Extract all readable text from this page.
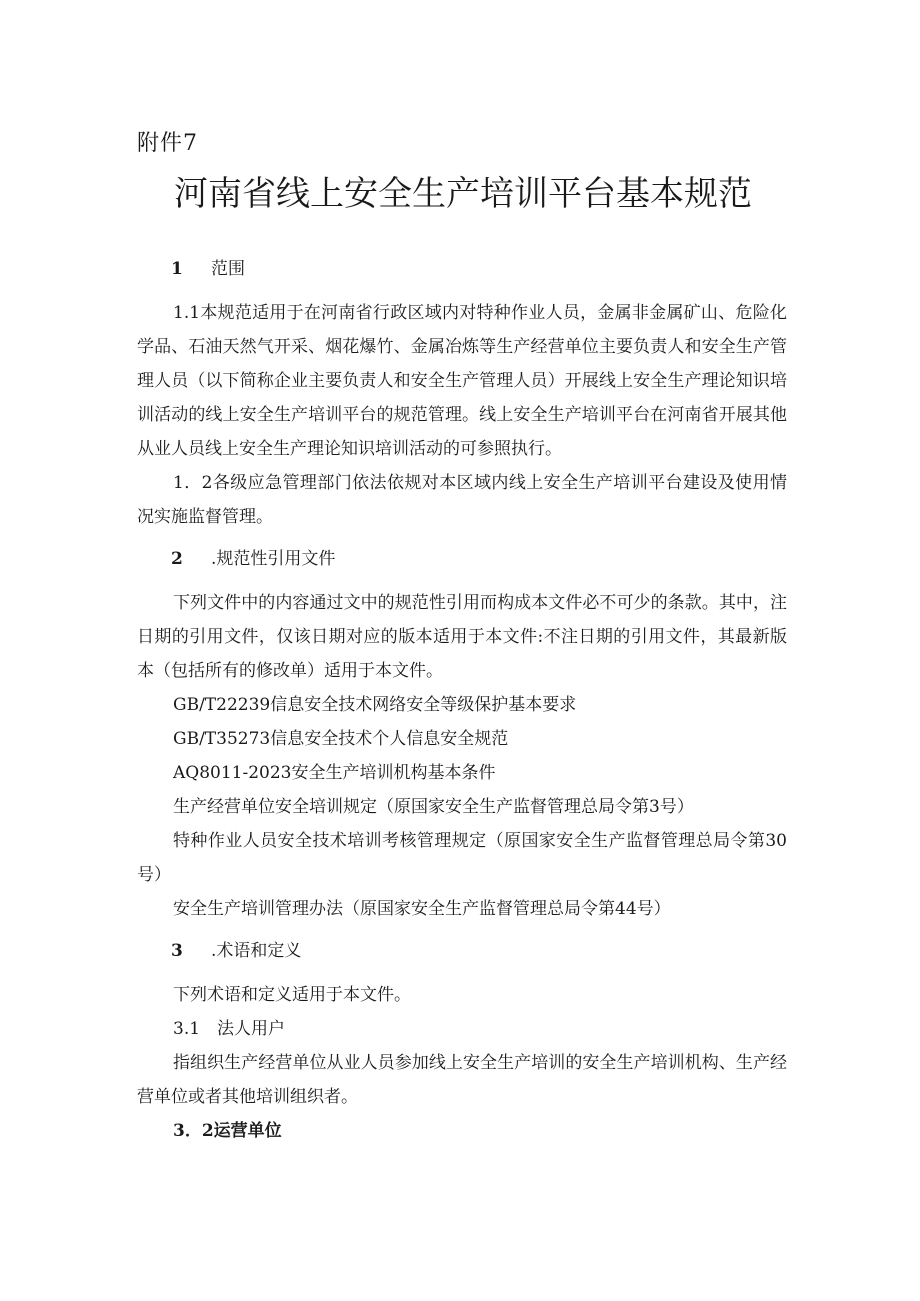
附件7
河南省线上安全生产培训平台基本规范

1 范围

1.1本规范适用于在河南省行政区域内对特种作业人员，金属非金属矿山、危险化学品、石油天然气开采、烟花爆竹、金属冶炼等生产经营单位主要负责人和安全生产管理人员（以下简称企业主要负责人和安全生产管理人员）开展线上安全生产理论知识培训活动的线上安全生产培训平台的规范管理。线上安全生产培训平台在河南省开展其他从业人员线上安全生产理论知识培训活动的可参照执行。

1．2各级应急管理部门依法依规对本区域内线上安全生产培训平台建设及使用情况实施监督管理。

2 .规范性引用文件

下列文件中的内容通过文中的规范性引用而构成本文件必不可少的条款。其中，注日期的引用文件，仅该日期对应的版本适用于本文件:不注日期的引用文件，其最新版本（包括所有的修改单）适用于本文件。

GB/T22239信息安全技术网络安全等级保护基本要求

GB/T35273信息安全技术个人信息安全规范

AQ8011-2023安全生产培训机构基本条件

生产经营单位安全培训规定（原国家安全生产监督管理总局令第3号）

特种作业人员安全技术培训考核管理规定（原国家安全生产监督管理总局令第30号）

安全生产培训管理办法（原国家安全生产监督管理总局令第44号）

3 .术语和定义

下列术语和定义适用于本文件。

3.1　法人用户

指组织生产经营单位从业人员参加线上安全生产培训的安全生产培训机构、生产经营单位或者其他培训组织者。

3．2运营单位
